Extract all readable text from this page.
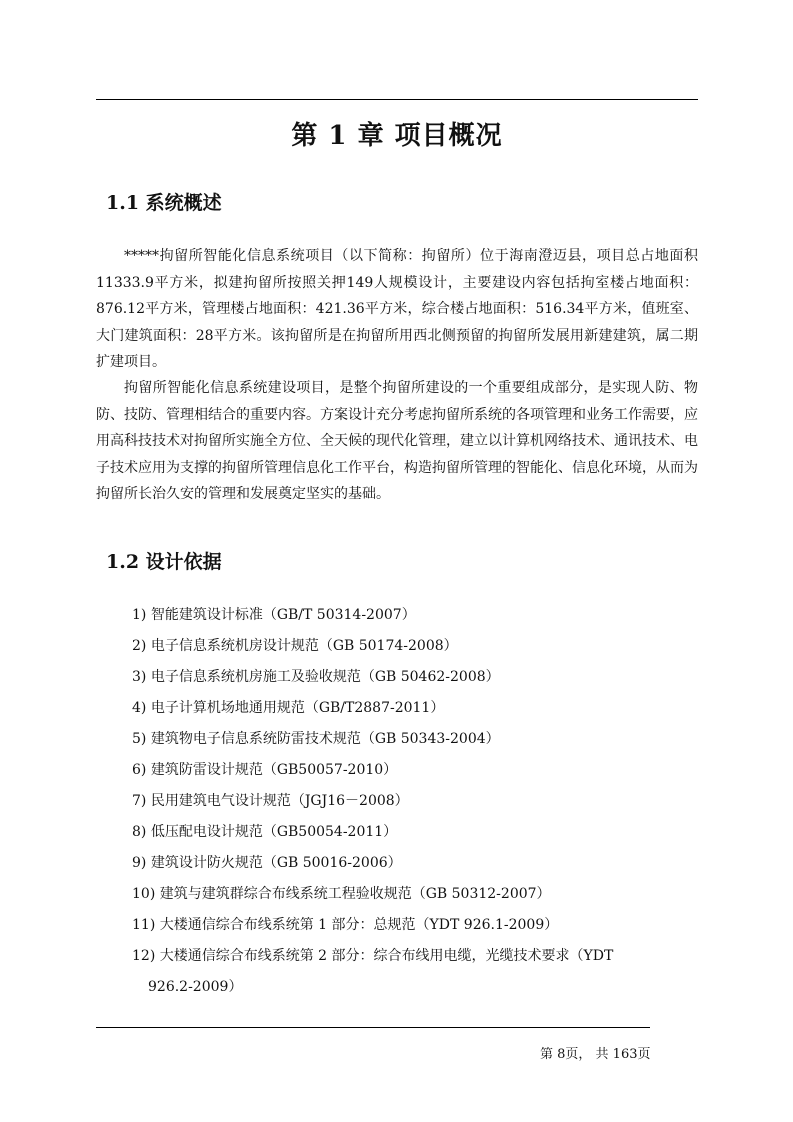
第 1 章 项目概况
1.1 系统概述

*****拘留所智能化信息系统项目（以下简称：拘留所）位于海南澄迈县，项目总占地面积11333.9平方米，拟建拘留所按照关押149人规模设计，主要建设内容包括拘室楼占地面积：876.12平方米，管理楼占地面积：421.36平方米，综合楼占地面积：516.34平方米，值班室、大门建筑面积：28平方米。该拘留所是在拘留所用西北侧预留的拘留所发展用新建建筑，属二期扩建项目。

拘留所智能化信息系统建设项目，是整个拘留所建设的一个重要组成部分，是实现人防、物防、技防、管理相结合的重要内容。方案设计充分考虑拘留所系统的各项管理和业务工作需要，应用高科技技术对拘留所实施全方位、全天候的现代化管理，建立以计算机网络技术、通讯技术、电子技术应用为支撑的拘留所管理信息化工作平台，构造拘留所管理的智能化、信息化环境，从而为拘留所长治久安的管理和发展奠定坚实的基础。

1.2 设计依据
1) 智能建筑设计标准（GB/T 50314-2007）
2) 电子信息系统机房设计规范（GB 50174-2008）
3) 电子信息系统机房施工及验收规范（GB 50462-2008）
4) 电子计算机场地通用规范（GB/T2887-2011）
5) 建筑物电子信息系统防雷技术规范（GB 50343-2004）
6) 建筑防雷设计规范（GB50057-2010）
7) 民用建筑电气设计规范（JGJ16－2008）
8) 低压配电设计规范（GB50054-2011）
9) 建筑设计防火规范（GB 50016-2006）
10) 建筑与建筑群综合布线系统工程验收规范（GB 50312-2007）
11) 大楼通信综合布线系统第 1 部分：总规范（YDT 926.1-2009）
12) 大楼通信综合布线系统第 2 部分：综合布线用电缆，光缆技术要求（YDT
926.2-2009）
第 8页， 共 163页
